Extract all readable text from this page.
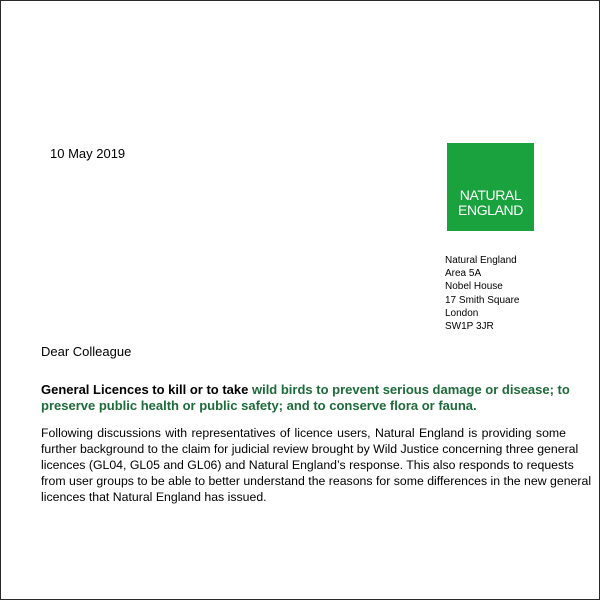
10 May 2019
NATURAL
ENGLAND
Natural England
Area 5A
Nobel House
17 Smith Square
London
SW1P 3JR
Dear Colleague
General Licences to kill or to take wild birds to prevent serious damage or disease; to
preserve public health or public safety; and to conserve flora or fauna.
Following discussions with representatives of licence users, Natural England is providing some
further background to the claim for judicial review brought by Wild Justice concerning three general
licences (GL04, GL05 and GL06) and Natural England’s response. This also responds to requests
from user groups to be able to better understand the reasons for some differences in the new general
licences that Natural England has issued.
